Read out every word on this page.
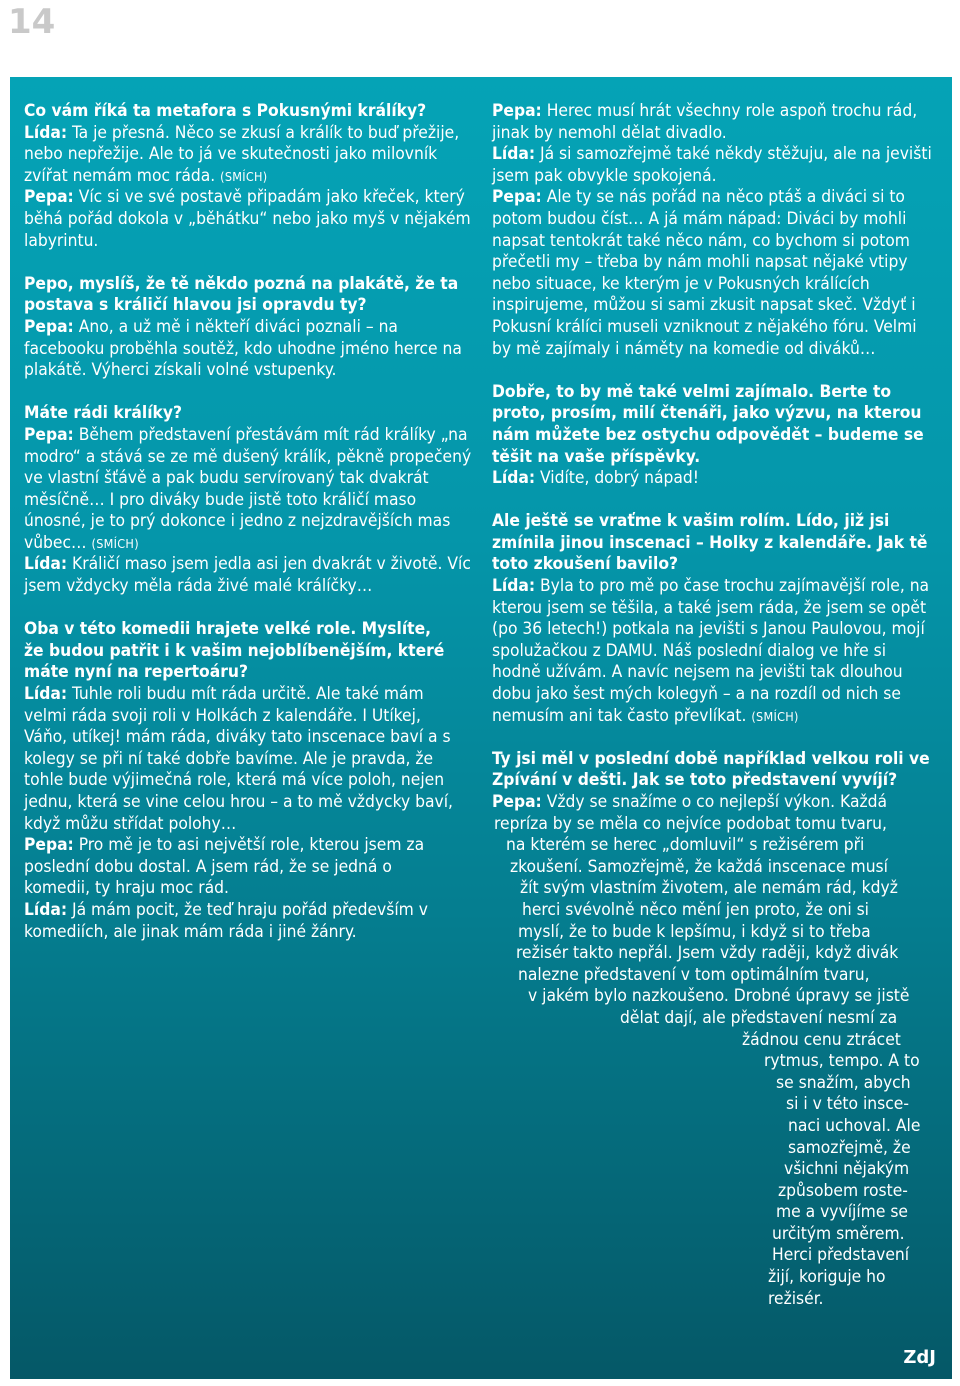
14

Co vám říká ta metafora s Pokusnými králíky?
Lída: Ta je přesná. Něco se zkusí a králík to buď přežije, nebo nepřežije. Ale to já ve skutečnosti jako milovník zvířat nemám moc ráda. (SMÍCH)
Pepa: Víc si ve své postavě připadám jako křeček, který běhá pořád dokola v „běhátku“ nebo jako myš v nějakém labyrintu.

Pepo, myslíš, že tě někdo pozná na plakátě, že ta postava s králičí hlavou jsi opravdu ty?
Pepa: Ano, a už mě i někteří diváci poznali – na facebooku proběhla soutěž, kdo uhodne jméno herce na plakátě. Výherci získali volné vstupenky.

Máte rádi králíky?
Pepa: Během představení přestávám mít rád králíky „na modro“ a stává se ze mě dušený králík, pěkně propečený ve vlastní šťávě a pak budu servírovaný tak dvakrát měsíčně… I pro diváky bude jistě toto králičí maso únosné, je to prý dokonce i jedno z nejzdravějších mas vůbec… (SMÍCH)
Lída: Králičí maso jsem jedla asi jen dvakrát v životě. Víc jsem vždycky měla ráda živé malé králíčky…

Oba v této komedii hrajete velké role. Myslíte, že budou patřit i k vašim nejoblíbenějším, které máte nyní na repertoáru?
Lída: Tuhle roli budu mít ráda určitě. Ale také mám velmi ráda svoji roli v Holkách z kalendáře. I Utíkej, Váňo, utíkej! mám ráda, diváky tato inscenace baví a s kolegy se při ní také dobře bavíme. Ale je pravda, že tohle bude výjimečná role, která má více poloh, nejen jednu, která se vine celou hrou – a to mě vždycky baví, když můžu střídat polohy…
Pepa: Pro mě je to asi největší role, kterou jsem za poslední dobu dostal. A jsem rád, že se jedná o komedii, ty hraju moc rád.
Lída: Já mám pocit, že teď hraju pořád především v komediích, ale jinak mám ráda i jiné žánry.

Pepa: Herec musí hrát všechny role aspoň trochu rád, jinak by nemohl dělat divadlo.
Lída: Já si samozřejmě také někdy stěžuju, ale na jevišti jsem pak obvykle spokojená.
Pepa: Ale ty se nás pořád na něco ptáš a diváci si to potom budou číst… A já mám nápad: Diváci by mohli napsat tentokrát také něco nám, co bychom si potom přečetli my – třeba by nám mohli napsat nějaké vtipy nebo situace, ke kterým je v Pokusných králících inspirujeme, můžou si sami zkusit napsat skeč. Vždyť i Pokusní králíci museli vzniknout z nějakého fóru. Velmi by mě zajímaly i náměty na komedie od diváků…

Dobře, to by mě také velmi zajímalo. Berte to proto, prosím, milí čtenáři, jako výzvu, na kterou nám můžete bez ostychu odpovědět – budeme se těšit na vaše příspěvky.
Lída: Vidíte, dobrý nápad!

Ale ještě se vraťme k vašim rolím. Lído, již jsi zmínila jinou inscenaci – Holky z kalendáře. Jak tě toto zkoušení bavilo?
Lída: Byla to pro mě po čase trochu zajímavější role, na kterou jsem se těšila, a také jsem ráda, že jsem se opět (po 36 letech!) potkala na jevišti s Janou Paulovou, mojí spolužačkou z DAMU. Náš poslední dialog ve hře si hodně užívám. A navíc nejsem na jevišti tak dlouhou dobu jako šest mých kolegyň – a na rozdíl od nich se nemusím ani tak často převlíkat. (SMÍCH)

Ty jsi měl v poslední době například velkou roli ve
Zpívání v dešti. Jak se toto představení vyvíjí?
Pepa: Vždy se snažíme o co nejlepší výkon. Každá
repríza by se měla co nejvíce podobat tomu tvaru,
na kterém se herec „domluvil“ s režisérem při
zkoušení. Samozřejmě, že každá inscenace musí
žít svým vlastním životem, ale nemám rád, když
herci svévolně něco mění jen proto, že oni si
myslí, že to bude k lepšímu, i když si to třeba
režisér takto nepřál. Jsem vždy raději, když divák
nalezne představení v tom optimálním tvaru,
v jakém bylo nazkoušeno. Drobné úpravy se jistě
dělat dají, ale představení nesmí za
žádnou cenu ztrácet
rytmus, tempo. A to
se snažím, abych
si i v této insce-
naci uchoval. Ale
samozřejmě, že
všichni nějakým
způsobem roste-
me a vyvíjíme se
určitým směrem.
Herci představení
žijí, koriguje ho
režisér.
ZdJ
